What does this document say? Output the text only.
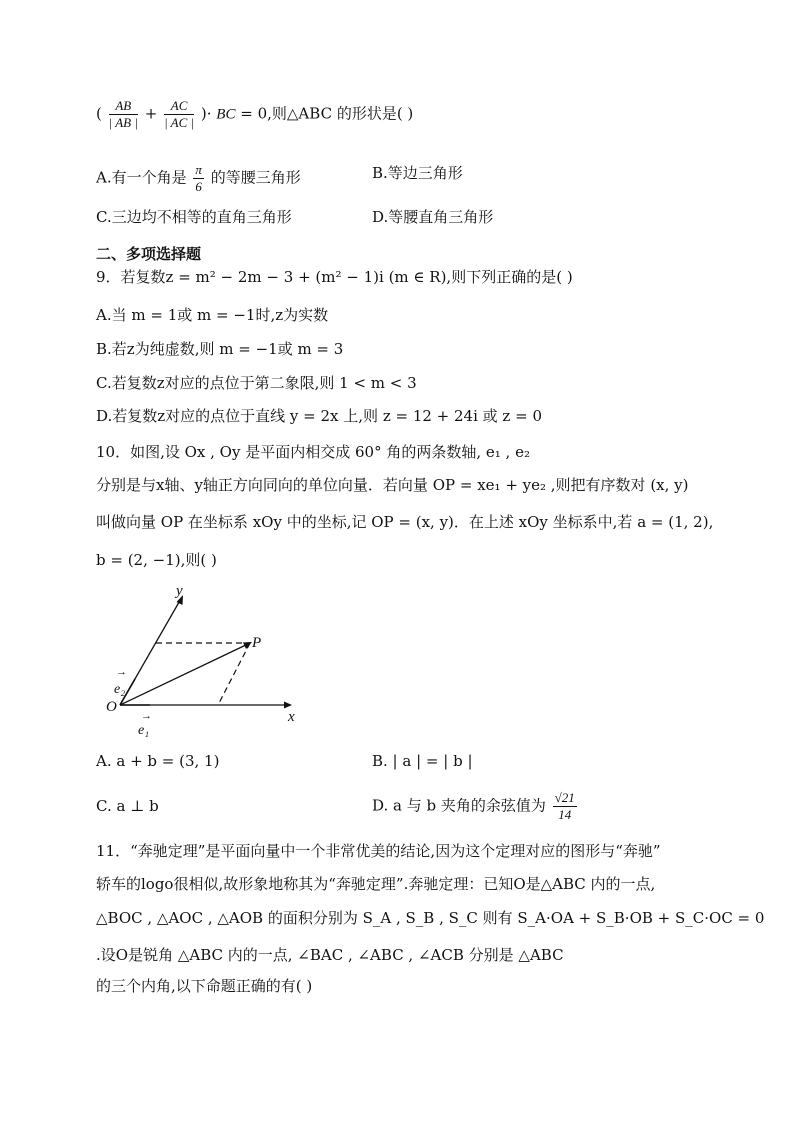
( $\frac{AB}{| AB |} + \frac{AC}{| AC |}$ )· BC = 0,则△ABC 的形状是( )
A.有一个角是 $\frac{\pi}{6}$ 的等腰三角形	B.等边三角形
C.三边均不相等的直角三角形	D.等腰直角三角形
二、多项选择题
9．若复数z = m² − 2m − 3 + (m² − 1)i (m ∈ R),则下列正确的是( )
A.当 m = 1或 m = −1时,z为实数
B.若z为纯虚数,则 m = −1或 m = 3
C.若复数z对应的点位于第二象限,则 1 < m < 3
D.若复数z对应的点位于直线 y = 2x 上,则 z = 12 + 24i 或 z = 0
10．如图,设 Ox , Oy 是平面内相交成 60° 角的两条数轴, e₁ , e₂
分别是与x轴、y轴正方向同向的单位向量．若向量 OP = xe₁ + ye₂ ,则把有序数对 (x, y)
叫做向量 OP 在坐标系 xOy 中的坐标,记 OP = (x, y)．在上述 xOy 坐标系中,若 a = (1, 2),
b = (2, −1),则( )
O
x
y
P
→
e₂
→
e₁
A. a + b = (3, 1)	B. | a | = | b |
C. a ⊥ b	D. a 与 b 夹角的余弦值为 $\frac{√21}{14}$
11．“奔驰定理”是平面向量中一个非常优美的结论,因为这个定理对应的图形与“奔驰”
轿车的logo很相似,故形象地称其为“奔驰定理”.奔驰定理：已知O是△ABC 内的一点,
△BOC , △AOC , △AOB 的面积分别为 S_A , S_B , S_C 则有 S_A·OA + S_B·OB + S_C·OC = 0
.设O是锐角 △ABC 内的一点, ∠BAC , ∠ABC , ∠ACB 分别是 △ABC
的三个内角,以下命题正确的有( )
